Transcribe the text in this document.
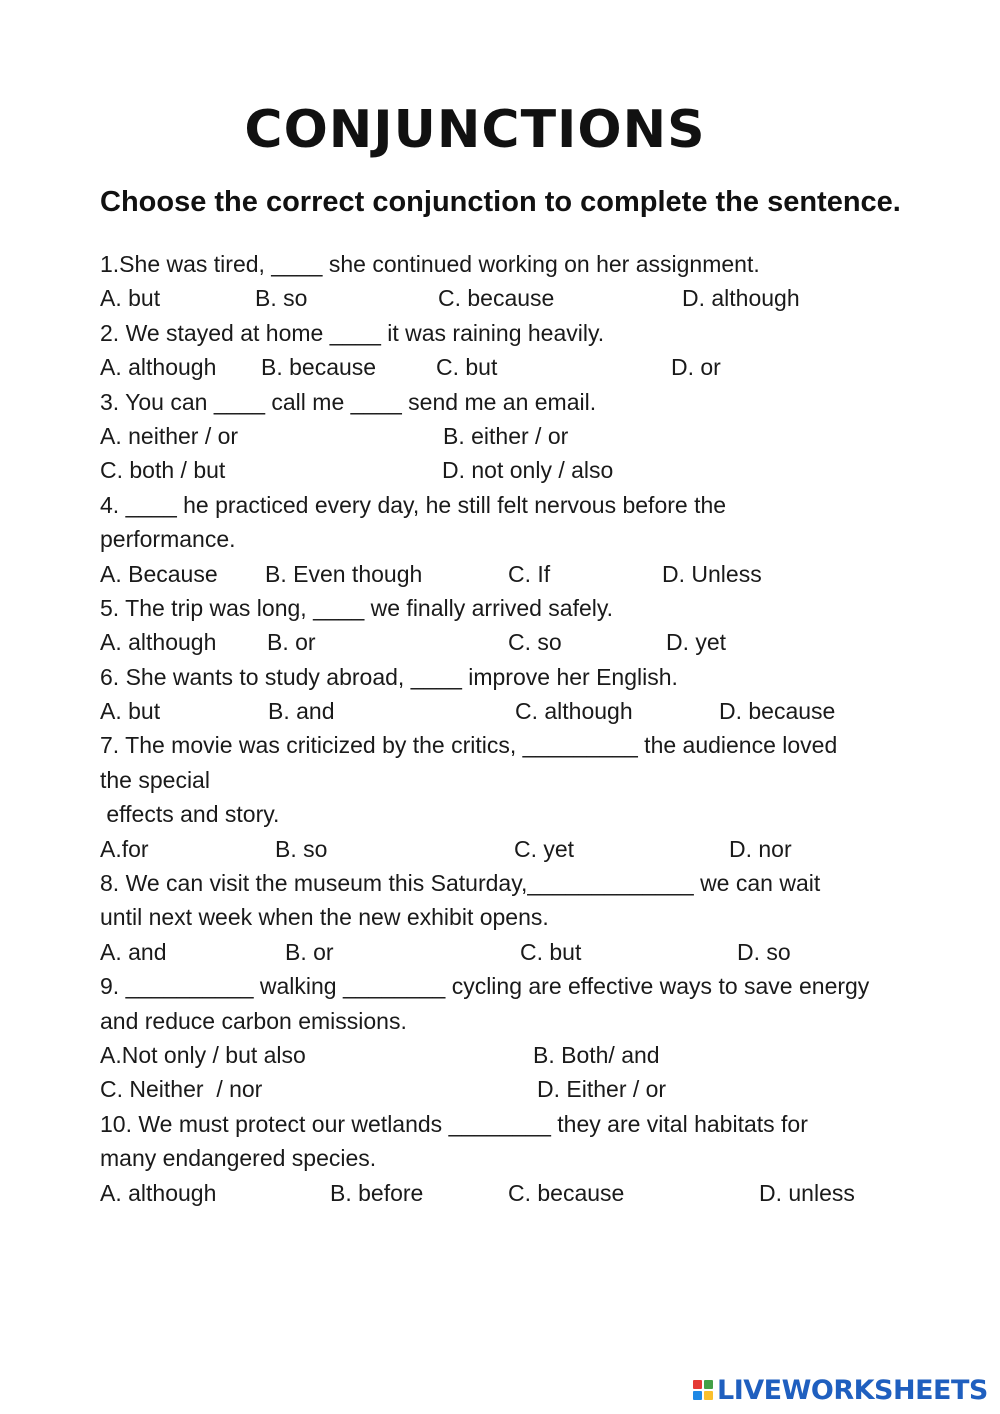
CONJUNCTIONS
Choose the correct conjunction to complete the sentence.
1.She was tired, ____ she continued working on her assignment.
A. but	B. so	C. because	D. although
2. We stayed at home ____ it was raining heavily.
A. although B. because	C. but	D. or
3. You can ____ call me ____ send me an email.
A. neither / or	B. either / or
C. both / but	D. not only / also
4. ____ he practiced every day, he still felt nervous before the
performance.
A. Because B. Even though	C. If	D. Unless
5. The trip was long, ____ we finally arrived safely.
A. although B. or	C. so	D. yet
6. She wants to study abroad, ____ improve her English.
A. but	B. and	C. although	D. because
7. The movie was criticized by the critics, _________ the audience loved
the special
effects and story.
A.for	B. so	C. yet	D. nor
8. We can visit the museum this Saturday,_____________ we can wait
until next week when the new exhibit opens.
A. and	B. or	C. but	D. so
9. __________ walking ________ cycling are effective ways to save energy
and reduce carbon emissions.
A.Not only / but also	B. Both/ and
C. Neither  / nor	D. Either / or
10. We must protect our wetlands ________ they are vital habitats for
many endangered species.
A. although	B. before	C. because	D. unless
LIVEWORKSHEETS
